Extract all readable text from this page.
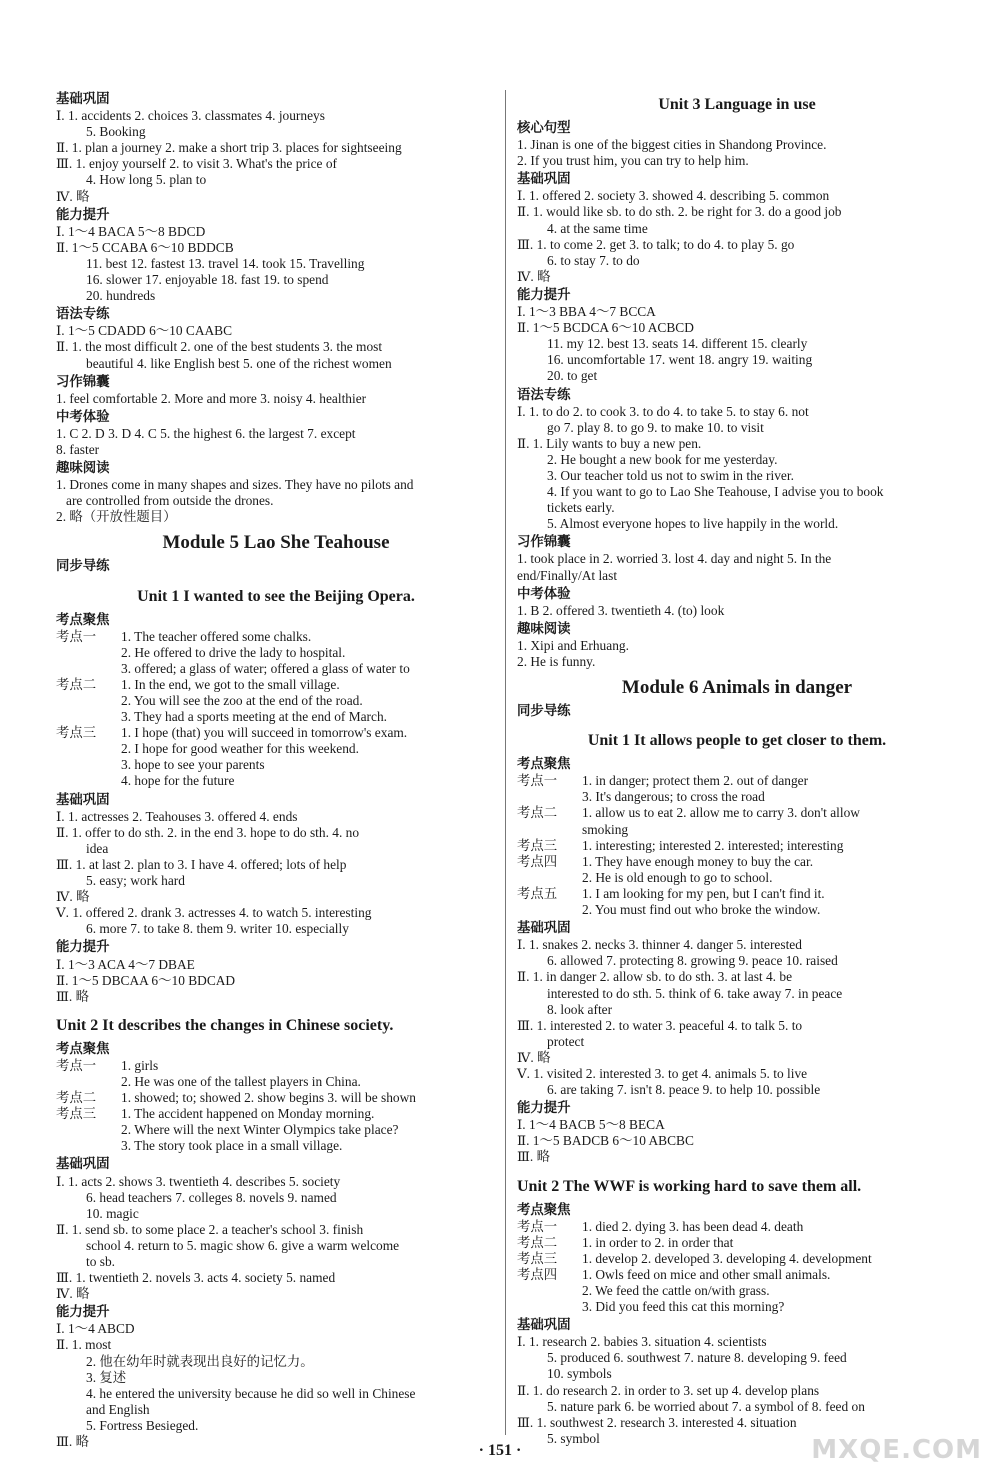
基础巩固
Ⅰ. 1. accidents 2. choices 3. classmates 4. journeys
5. Booking
Ⅱ. 1. plan a journey 2. make a short trip 3. places for sightseeing
Ⅲ. 1. enjoy yourself 2. to visit 3. What's the price of
4. How long 5. plan to
Ⅳ. 略
能力提升
Ⅰ. 1～4 BACA 5～8 BDCD
Ⅱ. 1～5 CCABA 6～10 BDDCB
11. best 12. fastest 13. travel 14. took 15. Travelling
16. slower 17. enjoyable 18. fast 19. to spend
20. hundreds
语法专练
Ⅰ. 1～5 CDADD 6～10 CAABC
Ⅱ. 1. the most difficult 2. one of the best students 3. the most
beautiful 4. like English best 5. one of the richest women
习作锦囊
1. feel comfortable 2. More and more 3. noisy 4. healthier
中考体验
1. C 2. D 3. D 4. C 5. the highest 6. the largest 7. except
8. faster
趣味阅读
1. Drones come in many shapes and sizes. They have no pilots and
are controlled from outside the drones.
2. 略（开放性题目）
Module 5 Lao She Teahouse
同步导练
Unit 1 I wanted to see the Beijing Opera.
考点聚焦
考点一 1. The teacher offered some chalks.
2. He offered to drive the lady to hospital.
3. offered; a glass of water; offered a glass of water to
考点二 1. In the end, we got to the small village.
2. You will see the zoo at the end of the road.
3. They had a sports meeting at the end of March.
考点三 1. I hope (that) you will succeed in tomorrow's exam.
2. I hope for good weather for this weekend.
3. hope to see your parents
4. hope for the future
基础巩固
Ⅰ. 1. actresses 2. Teahouses 3. offered 4. ends
Ⅱ. 1. offer to do sth. 2. in the end 3. hope to do sth. 4. no
idea
Ⅲ. 1. at last 2. plan to 3. I have 4. offered; lots of help
5. easy; work hard
Ⅳ. 略
Ⅴ. 1. offered 2. drank 3. actresses 4. to watch 5. interesting
6. more 7. to take 8. them 9. writer 10. especially
能力提升
Ⅰ. 1～3 ACA 4～7 DBAE
Ⅱ. 1～5 DBCAA 6～10 BDCAD
Ⅲ. 略
Unit 2 It describes the changes in Chinese society.
考点聚焦
考点一 1. girls
2. He was one of the tallest players in China.
考点二 1. showed; to; showed 2. show begins 3. will be shown
考点三 1. The accident happened on Monday morning.
2. Where will the next Winter Olympics take place?
3. The story took place in a small village.
基础巩固
Ⅰ. 1. acts 2. shows 3. twentieth 4. describes 5. society
6. head teachers 7. colleges 8. novels 9. named
10. magic
Ⅱ. 1. send sb. to some place 2. a teacher's school 3. finish
school 4. return to 5. magic show 6. give a warm welcome
to sb.
Ⅲ. 1. twentieth 2. novels 3. acts 4. society 5. named
Ⅳ. 略
能力提升
Ⅰ. 1～4 ABCD
Ⅱ. 1. most
2. 他在幼年时就表现出良好的记忆力。
3. 复述
4. he entered the university because he did so well in Chinese
and English
5. Fortress Besieged.
Ⅲ. 略
Unit 3 Language in use
核心句型
1. Jinan is one of the biggest cities in Shandong Province.
2. If you trust him, you can try to help him.
基础巩固
Ⅰ. 1. offered 2. society 3. showed 4. describing 5. common
Ⅱ. 1. would like sb. to do sth. 2. be right for 3. do a good job
4. at the same time
Ⅲ. 1. to come 2. get 3. to talk; to do 4. to play 5. go
6. to stay 7. to do
Ⅳ. 略
能力提升
Ⅰ. 1～3 BBA 4～7 BCCA
Ⅱ. 1～5 BCDCA 6～10 ACBCD
11. my 12. best 13. seats 14. different 15. clearly
16. uncomfortable 17. went 18. angry 19. waiting
20. to get
语法专练
Ⅰ. 1. to do 2. to cook 3. to do 4. to take 5. to stay 6. not
go 7. play 8. to go 9. to make 10. to visit
Ⅱ. 1. Lily wants to buy a new pen.
2. He bought a new book for me yesterday.
3. Our teacher told us not to swim in the river.
4. If you want to go to Lao She Teahouse, I advise you to book
tickets early.
5. Almost everyone hopes to live happily in the world.
习作锦囊
1. took place in 2. worried 3. lost 4. day and night 5. In the
end/Finally/At last
中考体验
1. B 2. offered 3. twentieth 4. (to) look
趣味阅读
1. Xipi and Erhuang.
2. He is funny.
Module 6 Animals in danger
同步导练
Unit 1 It allows people to get closer to them.
考点聚焦
考点一 1. in danger; protect them 2. out of danger
3. It's dangerous; to cross the road
考点二 1. allow us to eat 2. allow me to carry 3. don't allow
smoking
考点三 1. interesting; interested 2. interested; interesting
考点四 1. They have enough money to buy the car.
2. He is old enough to go to school.
考点五 1. I am looking for my pen, but I can't find it.
2. You must find out who broke the window.
基础巩固
Ⅰ. 1. snakes 2. necks 3. thinner 4. danger 5. interested
6. allowed 7. protecting 8. growing 9. peace 10. raised
Ⅱ. 1. in danger 2. allow sb. to do sth. 3. at last 4. be
interested to do sth. 5. think of 6. take away 7. in peace
8. look after
Ⅲ. 1. interested 2. to water 3. peaceful 4. to talk 5. to
protect
Ⅳ. 略
Ⅴ. 1. visited 2. interested 3. to get 4. animals 5. to live
6. are taking 7. isn't 8. peace 9. to help 10. possible
能力提升
Ⅰ. 1～4 BACB 5～8 BECA
Ⅱ. 1～5 BADCB 6～10 ABCBC
Ⅲ. 略
Unit 2 The WWF is working hard to save them all.
考点聚焦
考点一 1. died 2. dying 3. has been dead 4. death
考点二 1. in order to 2. in order that
考点三 1. develop 2. developed 3. developing 4. development
考点四 1. Owls feed on mice and other small animals.
2. We feed the cattle on/with grass.
3. Did you feed this cat this morning?
基础巩固
Ⅰ. 1. research 2. babies 3. situation 4. scientists
5. produced 6. southwest 7. nature 8. developing 9. feed
10. symbols
Ⅱ. 1. do research 2. in order to 3. set up 4. develop plans
5. nature park 6. be worried about 7. a symbol of 8. feed on
Ⅲ. 1. southwest 2. research 3. interested 4. situation
5. symbol
· 151 ·	MXQE.COM
